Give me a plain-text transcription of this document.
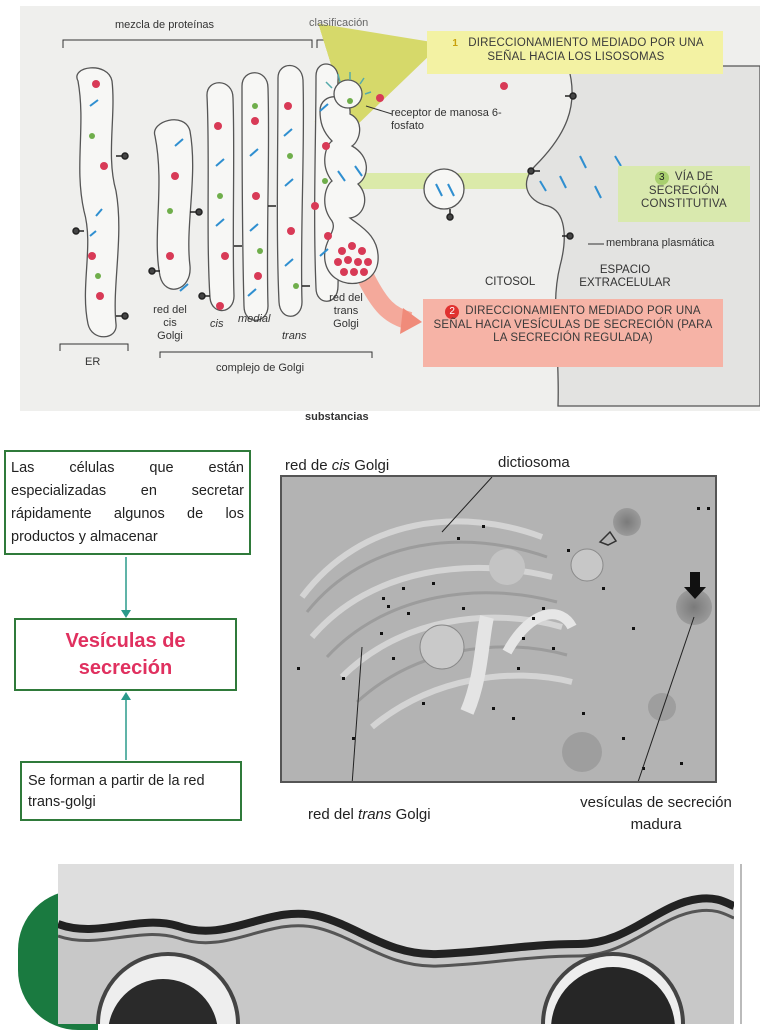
mezcla de proteínas	clasificación
1 DIRECCIONAMIENTO MEDIADO POR UNA SEÑAL HACIA LOS LISOSOMAS
receptor de manosa 6-fosfato
3 VÍA DE SECRECIÓN CONSTITUTIVA
membrana plasmática
CITOSOL
ESPACIO EXTRACELULAR
2 DIRECCIONAMIENTO MEDIADO POR UNA SEÑAL HACIA VESÍCULAS DE SECRECIÓN (PARA LA SECRECIÓN REGULADA)
red del cis Golgi
cis medial
trans
red del trans Golgi
ER	complejo de Golgi
substancias
Las células que están especializadas en secretar rápidamente algunos de los productos y almacenar
Vesículas de secreción
Se forman a partir de la red trans-golgi
red de cis Golgi	dictiosoma
red del trans Golgi
vesículas de secreción madura
